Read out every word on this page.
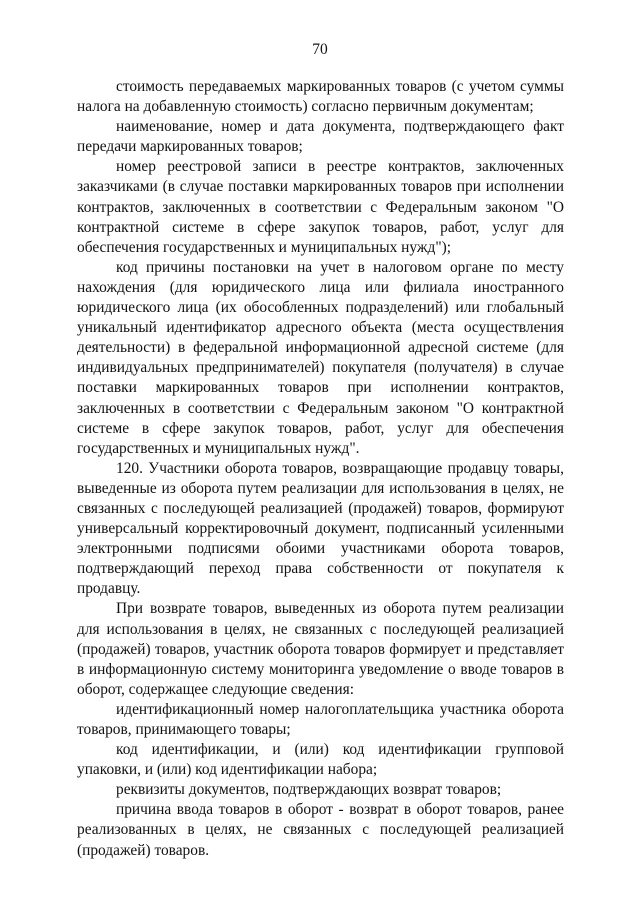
70

стоимость передаваемых маркированных товаров (с учетом суммы налога на добавленную стоимость) согласно первичным документам;

наименование, номер и дата документа, подтверждающего факт передачи маркированных товаров;

номер реестровой записи в реестре контрактов, заключенных заказчиками (в случае поставки маркированных товаров при исполнении контрактов, заключенных в соответствии с Федеральным законом "О контрактной системе в сфере закупок товаров, работ, услуг для обеспечения государственных и муниципальных нужд");

код причины постановки на учет в налоговом органе по месту нахождения (для юридического лица или филиала иностранного юридического лица (их обособленных подразделений) или глобальный уникальный идентификатор адресного объекта (места осуществления деятельности) в федеральной информационной адресной системе (для индивидуальных предпринимателей) покупателя (получателя) в случае поставки маркированных товаров при исполнении контрактов, заключенных в соответствии с Федеральным законом "О контрактной системе в сфере закупок товаров, работ, услуг для обеспечения государственных и муниципальных нужд".

120. Участники оборота товаров, возвращающие продавцу товары, выведенные из оборота путем реализации для использования в целях, не связанных с последующей реализацией (продажей) товаров, формируют универсальный корректировочный документ, подписанный усиленными электронными подписями обоими участниками оборота товаров, подтверждающий переход права собственности от покупателя к продавцу.

При возврате товаров, выведенных из оборота путем реализации для использования в целях, не связанных с последующей реализацией (продажей) товаров, участник оборота товаров формирует и представляет в информационную систему мониторинга уведомление о вводе товаров в оборот, содержащее следующие сведения:

идентификационный номер налогоплательщика участника оборота товаров, принимающего товары;

код идентификации, и (или) код идентификации групповой упаковки, и (или) код идентификации набора;

реквизиты документов, подтверждающих возврат товаров;

причина ввода товаров в оборот - возврат в оборот товаров, ранее реализованных в целях, не связанных с последующей реализацией (продажей) товаров.
